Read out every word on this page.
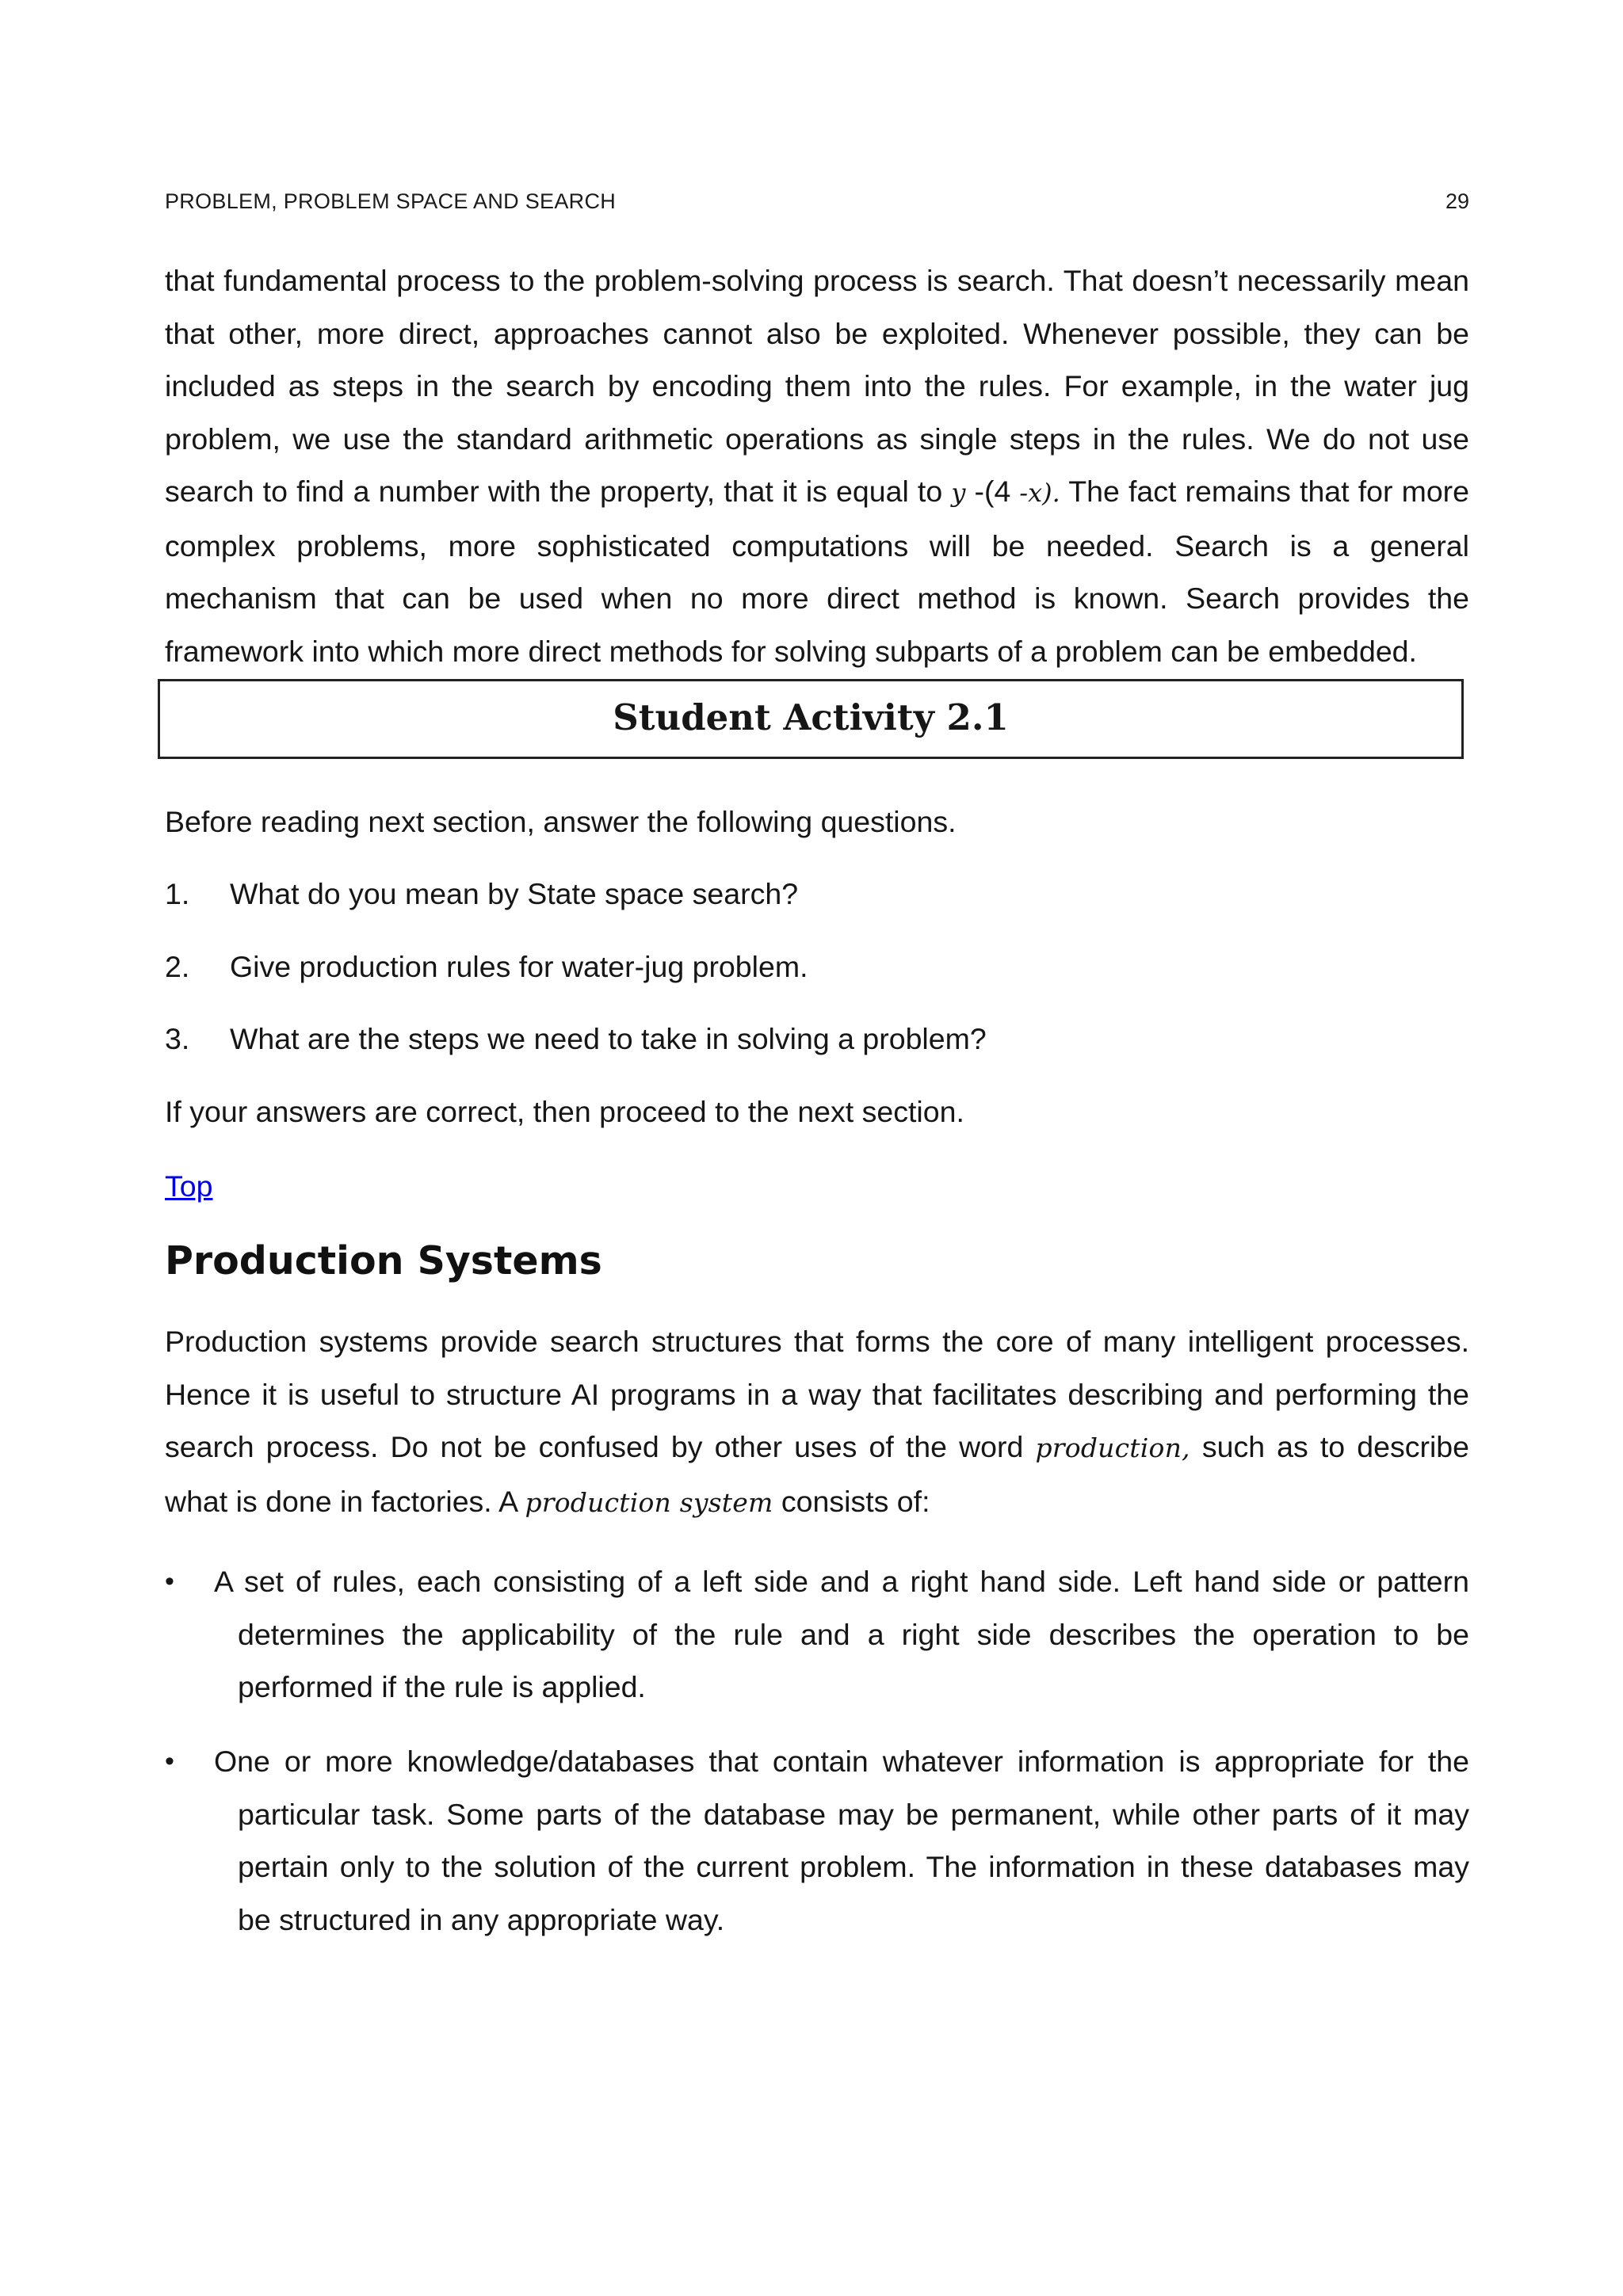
PROBLEM, PROBLEM SPACE AND SEARCH	29

that fundamental process to the problem-solving process is search. That doesn’t necessarily mean that other, more direct, approaches cannot also be exploited. Whenever possible, they can be included as steps in the search by encoding them into the rules. For example, in the water jug problem, we use the standard arithmetic operations as single steps in the rules. We do not use search to find a number with the property, that it is equal to y -(4 -x). The fact remains that for more complex problems, more sophisticated computations will be needed. Search is a general mechanism that can be used when no more direct method is known. Search provides the framework into which more direct methods for solving subparts of a problem can be embedded.

Student Activity 2.1

Before reading next section, answer the following questions.

1. What do you mean by State space search?

2. Give production rules for water-jug problem.

3. What are the steps we need to take in solving a problem?

If your answers are correct, then proceed to the next section.

Top
Production Systems

Production systems provide search structures that forms the core of many intelligent processes. Hence it is useful to structure AI programs in a way that facilitates describing and performing the search process. Do not be confused by other uses of the word production, such as to describe what is done in factories. A production system consists of:

• A set of rules, each consisting of a left side and a right hand side. Left hand side or pattern determines the applicability of the rule and a right side describes the operation to be performed if the rule is applied.
• One or more knowledge/databases that contain whatever information is appropriate for the particular task. Some parts of the database may be permanent, while other parts of it may pertain only to the solution of the current problem. The information in these databases may be structured in any appropriate way.
